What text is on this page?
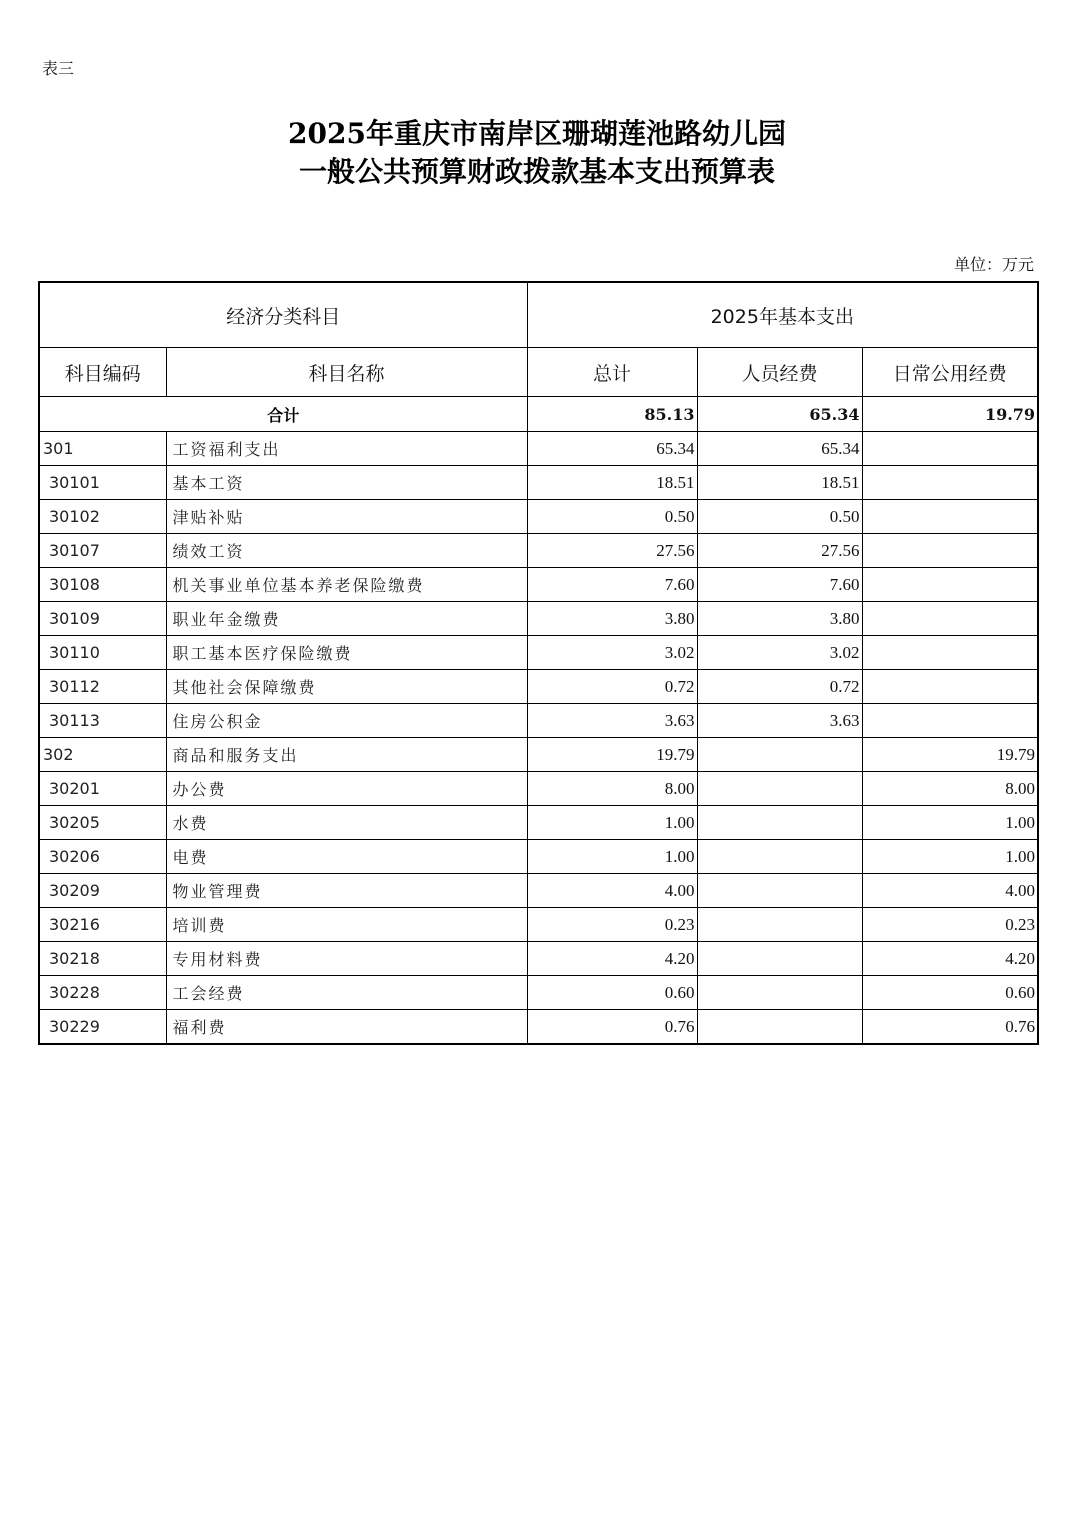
表三
2025年重庆市南岸区珊瑚莲池路幼儿园
一般公共预算财政拨款基本支出预算表
单位：万元
经济分类科目		2025年基本支出		
科目编码	科目名称	总计	人员经费	日常公用经费
合计		85.13	65.34	19.79
301	工资福利支出	65.34	65.34	
30101	基本工资	18.51	18.51	
30102	津贴补贴	0.50	0.50	
30107	绩效工资	27.56	27.56	
30108	机关事业单位基本养老保险缴费	7.60	7.60	
30109	职业年金缴费	3.80	3.80	
30110	职工基本医疗保险缴费	3.02	3.02	
30112	其他社会保障缴费	0.72	0.72	
30113	住房公积金	3.63	3.63	
302	商品和服务支出	19.79		19.79
30201	办公费	8.00		8.00
30205	水费	1.00		1.00
30206	电费	1.00		1.00
30209	物业管理费	4.00		4.00
30216	培训费	0.23		0.23
30218	专用材料费	4.20		4.20
30228	工会经费	0.60		0.60
30229	福利费	0.76		0.76
